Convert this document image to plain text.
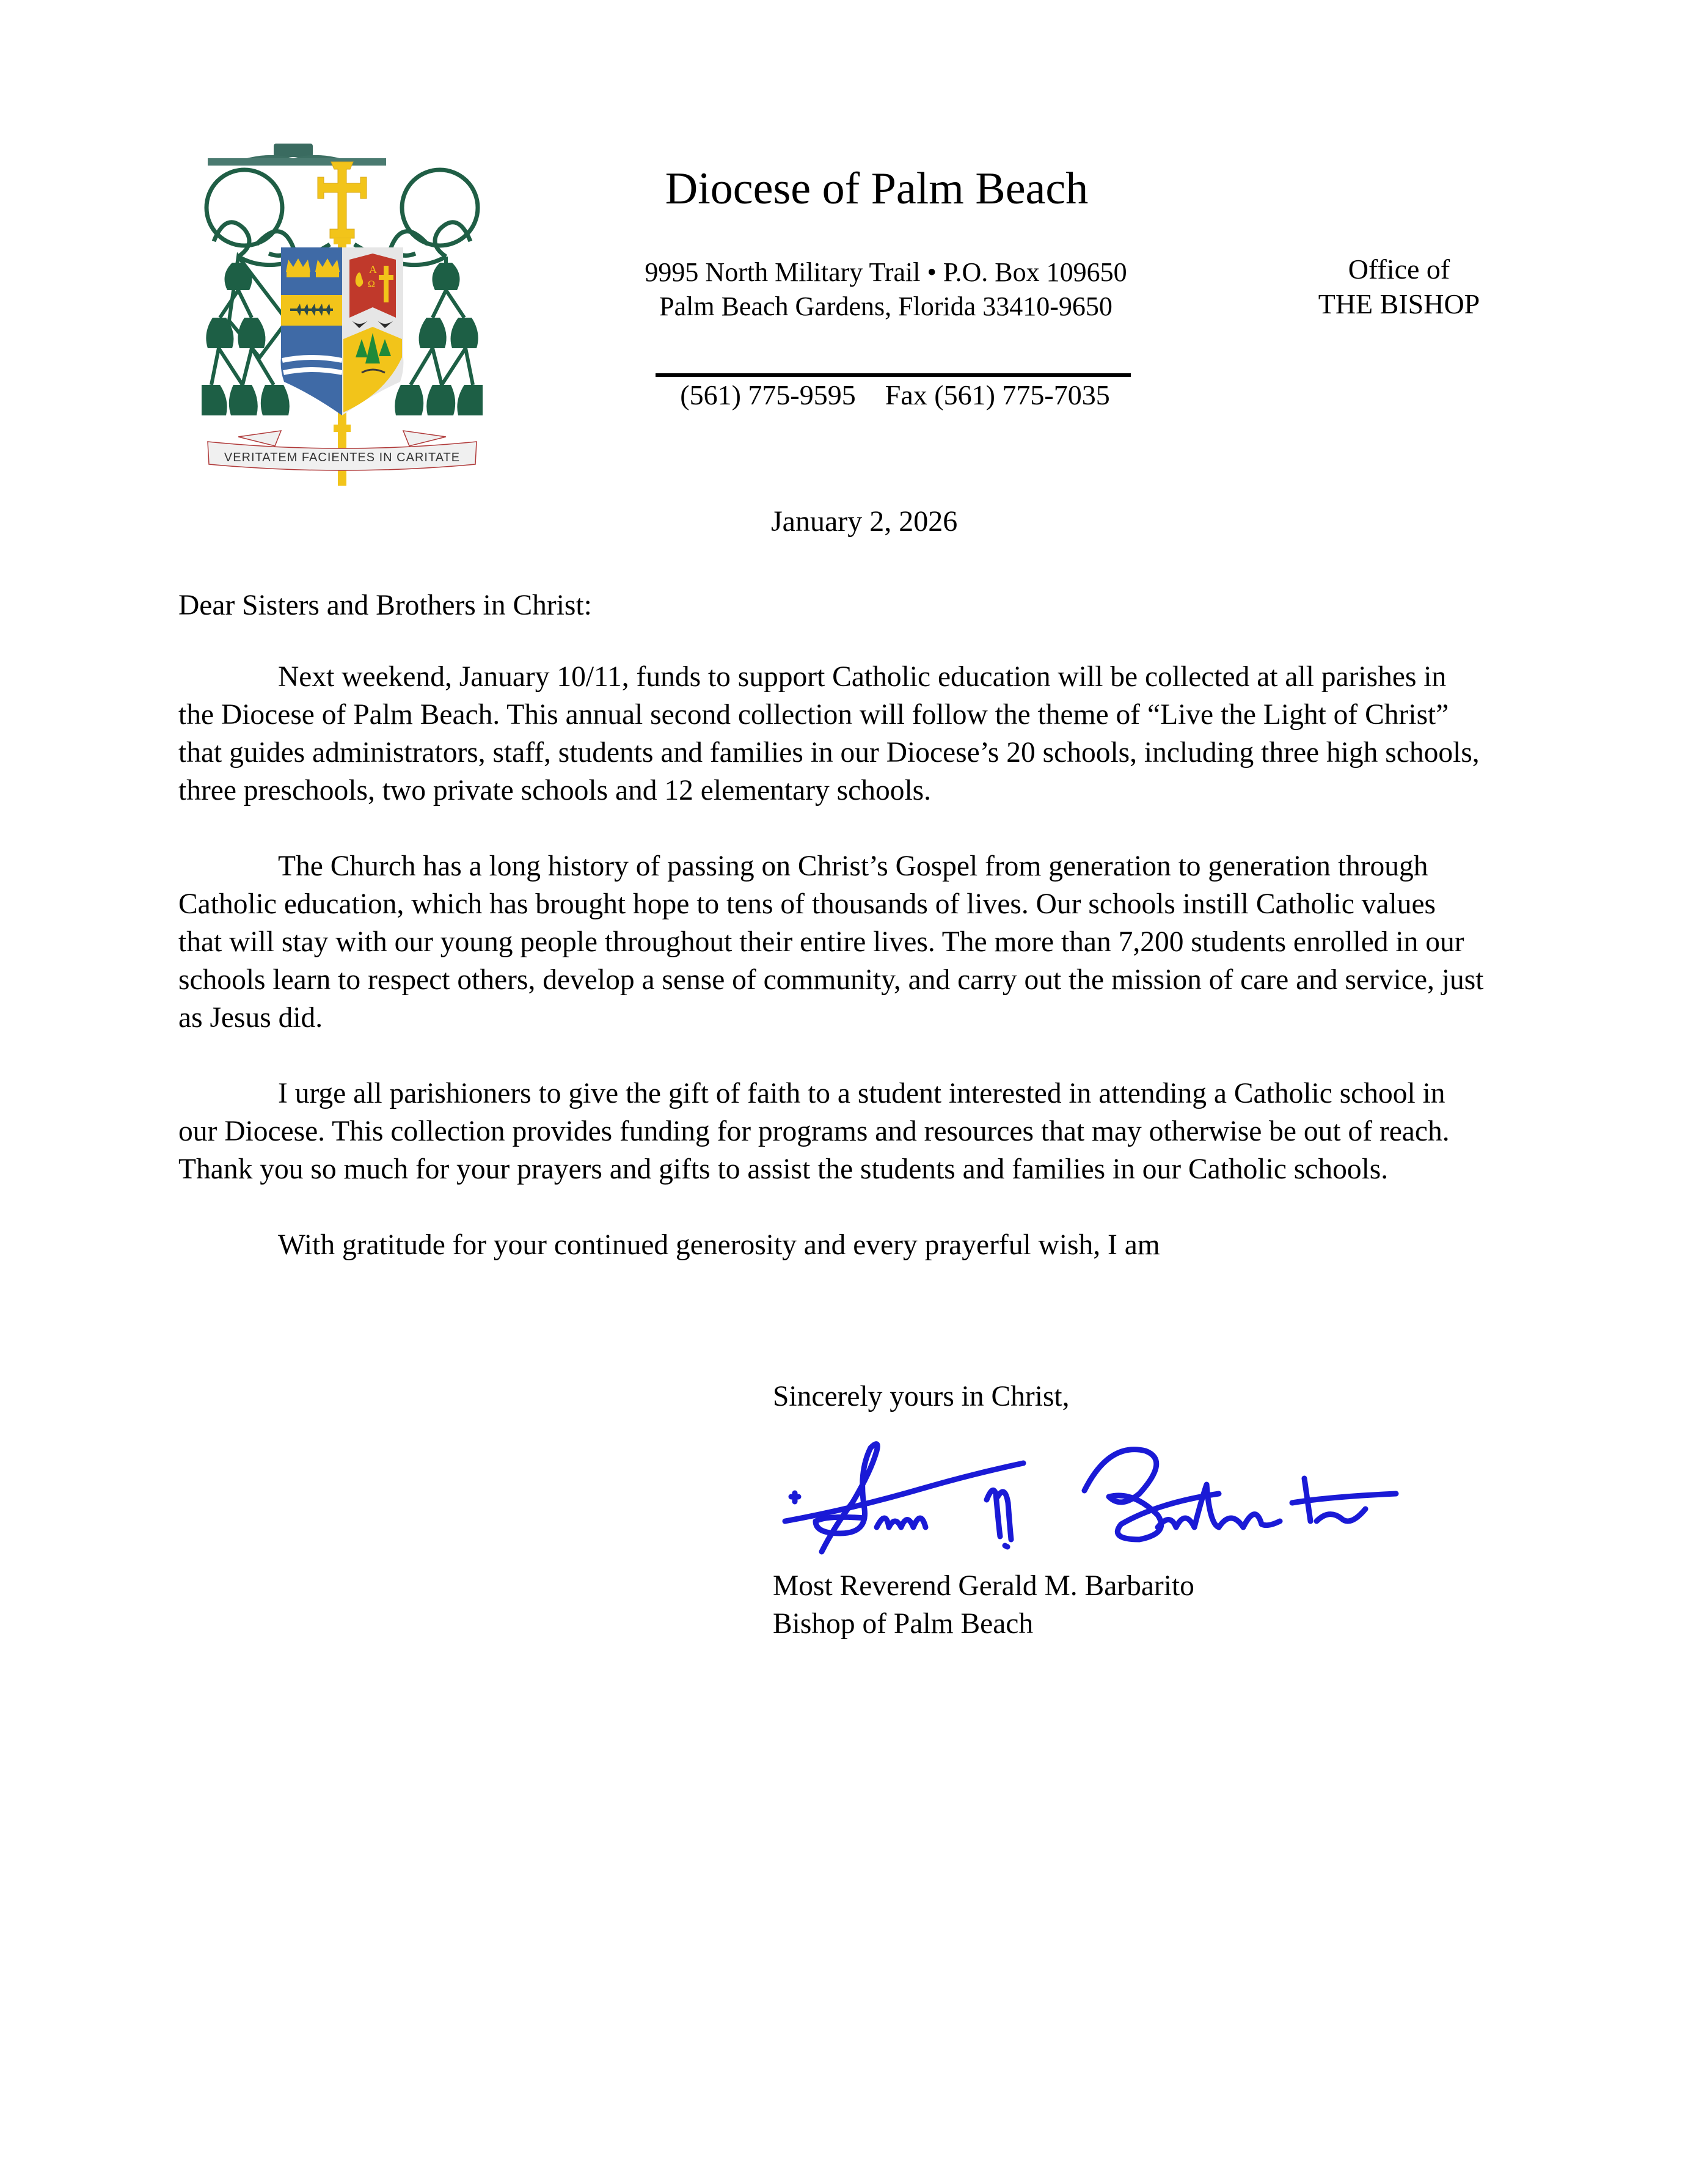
A
Ω
VERITATEM FACIENTES IN CARITATE
Diocese of Palm Beach
9995 North Military Trail • P.O. Box 109650
Palm Beach Gardens, Florida 33410-9650
(561) 775-9595 Fax (561) 775-7035
Office of
THE BISHOP
January 2, 2026

Dear Sisters and Brothers in Christ:

Next weekend, January 10/11, funds to support Catholic education will be collected at all parishes in the Diocese of Palm Beach. This annual second collection will follow the theme of “Live the Light of Christ” that guides administrators, staff, students and families in our Diocese’s 20 schools, including three high schools, three preschools, two private schools and 12 elementary schools.

The Church has a long history of passing on Christ’s Gospel from generation to generation through Catholic education, which has brought hope to tens of thousands of lives. Our schools instill Catholic values that will stay with our young people throughout their entire lives. The more than 7,200 students enrolled in our schools learn to respect others, develop a sense of community, and carry out the mission of care and service, just as Jesus did.

I urge all parishioners to give the gift of faith to a student interested in attending a Catholic school in our Diocese. This collection provides funding for programs and resources that may otherwise be out of reach. Thank you so much for your prayers and gifts to assist the students and families in our Catholic schools.

With gratitude for your continued generosity and every prayerful wish, I am

Sincerely yours in Christ,
Most Reverend Gerald M. Barbarito
Bishop of Palm Beach
